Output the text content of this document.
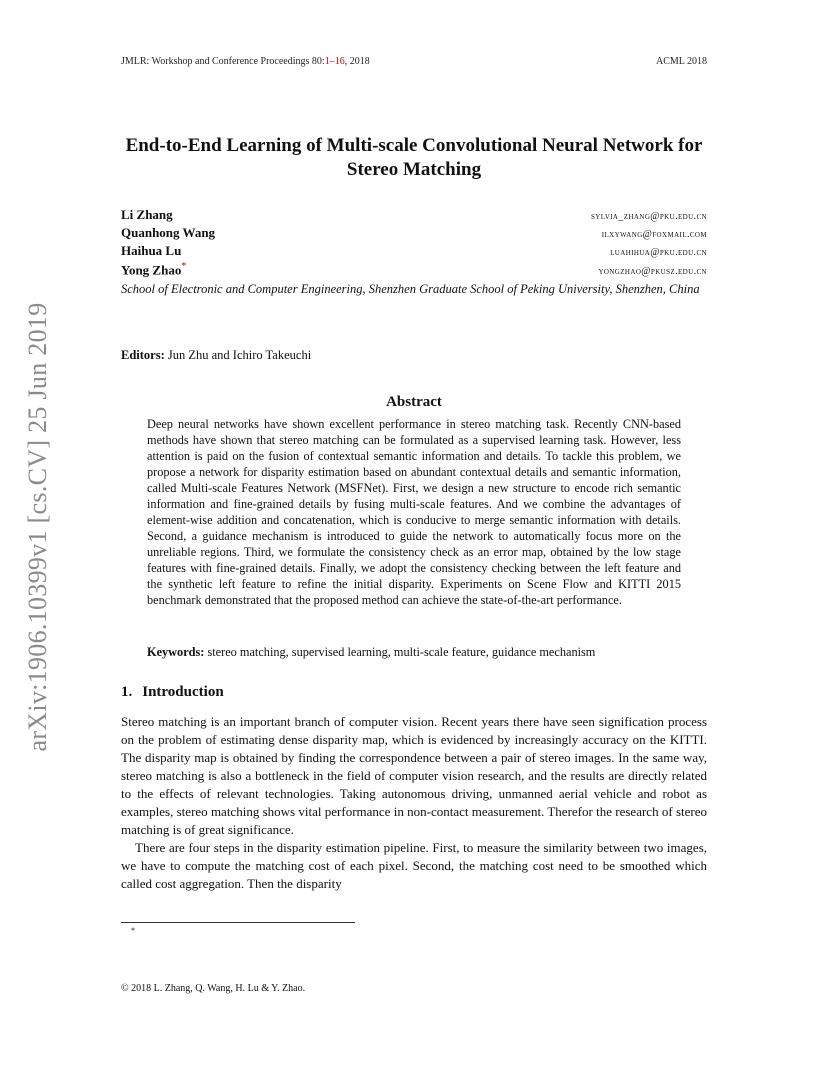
JMLR: Workshop and Conference Proceedings 80:1–16, 2018	ACML 2018
arXiv:1906.10399v1 [cs.CV] 25 Jun 2019
End-to-End Learning of Multi-scale Convolutional Neural Network for Stereo Matching
Li Zhang	sylvia_zhang@pku.edu.cn
Quanhong Wang	ilxywang@foxmail.com
Haihua Lu	luahihua@pku.edu.cn
Yong Zhao*	yongzhao@pkusz.edu.cn
School of Electronic and Computer Engineering, Shenzhen Graduate School of Peking University, Shenzhen, China
Editors: Jun Zhu and Ichiro Takeuchi
Abstract
Deep neural networks have shown excellent performance in stereo matching task. Recently CNN-based methods have shown that stereo matching can be formulated as a supervised learning task. However, less attention is paid on the fusion of contextual semantic information and details. To tackle this problem, we propose a network for disparity estimation based on abundant contextual details and semantic information, called Multi-scale Features Network (MSFNet). First, we design a new structure to encode rich semantic information and fine-grained details by fusing multi-scale features. And we combine the advantages of element-wise addition and concatenation, which is conducive to merge semantic information with details. Second, a guidance mechanism is introduced to guide the network to automatically focus more on the unreliable regions. Third, we formulate the consistency check as an error map, obtained by the low stage features with fine-grained details. Finally, we adopt the consistency checking between the left feature and the synthetic left feature to refine the initial disparity. Experiments on Scene Flow and KITTI 2015 benchmark demonstrated that the proposed method can achieve the state-of-the-art performance.
Keywords: stereo matching, supervised learning, multi-scale feature, guidance mechanism
1. Introduction

Stereo matching is an important branch of computer vision. Recent years there have seen signification process on the problem of estimating dense disparity map, which is evidenced by increasingly accuracy on the KITTI. The disparity map is obtained by finding the correspondence between a pair of stereo images. In the same way, stereo matching is also a bottleneck in the field of computer vision research, and the results are directly related to the effects of relevant technologies. Taking autonomous driving, unmanned aerial vehicle and robot as examples, stereo matching shows vital performance in non-contact measurement. Therefor the research of stereo matching is of great significance.

There are four steps in the disparity estimation pipeline. First, to measure the similarity between two images, we have to compute the matching cost of each pixel. Second, the matching cost need to be smoothed which called cost aggregation. Then the disparity

*
© 2018 L. Zhang, Q. Wang, H. Lu & Y. Zhao.
